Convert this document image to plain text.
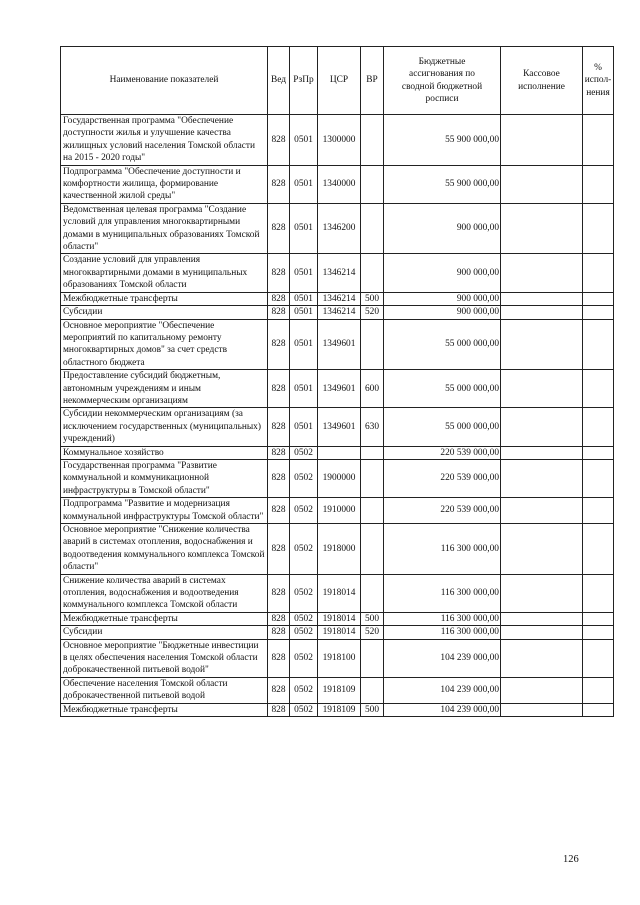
Наименование показателей	Вед	РзПр	ЦСР	ВР	Бюджетные ассигнования по сводной бюджетной росписи	Кассовое исполнение	% испол-нения
Государственная программа "Обеспечение доступности жилья и улучшение качества жилищных условий населения Томской области на 2015 - 2020 годы"	828	0501	1300000		55 900 000,00		
Подпрограмма "Обеспечение доступности и комфортности жилища, формирование качественной жилой среды"	828	0501	1340000		55 900 000,00		
Ведомственная целевая программа "Создание условий для управления многоквартирными домами в муниципальных образованиях Томской области"	828	0501	1346200		900 000,00		
Создание условий для управления многоквартирными домами в муниципальных образованиях Томской области	828	0501	1346214		900 000,00		
Межбюджетные трансферты	828	0501	1346214	500	900 000,00		
Субсидии	828	0501	1346214	520	900 000,00		
Основное мероприятие "Обеспечение мероприятий по капитальному ремонту многоквартирных домов" за счет средств областного бюджета	828	0501	1349601		55 000 000,00		
Предоставление субсидий бюджетным, автономным учреждениям и иным некоммерческим организациям	828	0501	1349601	600	55 000 000,00		
Субсидии некоммерческим организациям (за исключением государственных (муниципальных) учреждений)	828	0501	1349601	630	55 000 000,00		
Коммунальное хозяйство	828	0502			220 539 000,00		
Государственная программа "Развитие коммунальной и коммуникационной инфраструктуры в Томской области"	828	0502	1900000		220 539 000,00		
Подпрограмма "Развитие и модернизация коммунальной инфраструктуры Томской области"	828	0502	1910000		220 539 000,00		
Основное мероприятие "Снижение количества аварий в системах отопления, водоснабжения и водоотведения коммунального комплекса Томской области"	828	0502	1918000		116 300 000,00		
Снижение количества аварий в системах отопления, водоснабжения и водоотведения коммунального комплекса Томской области	828	0502	1918014		116 300 000,00		
Межбюджетные трансферты	828	0502	1918014	500	116 300 000,00		
Субсидии	828	0502	1918014	520	116 300 000,00		
Основное мероприятие "Бюджетные инвестиции в целях обеспечения населения Томской области доброкачественной питьевой водой"	828	0502	1918100		104 239 000,00		
Обеспечение населения Томской области доброкачественной питьевой водой	828	0502	1918109		104 239 000,00		
Межбюджетные трансферты	828	0502	1918109	500	104 239 000,00		
126
